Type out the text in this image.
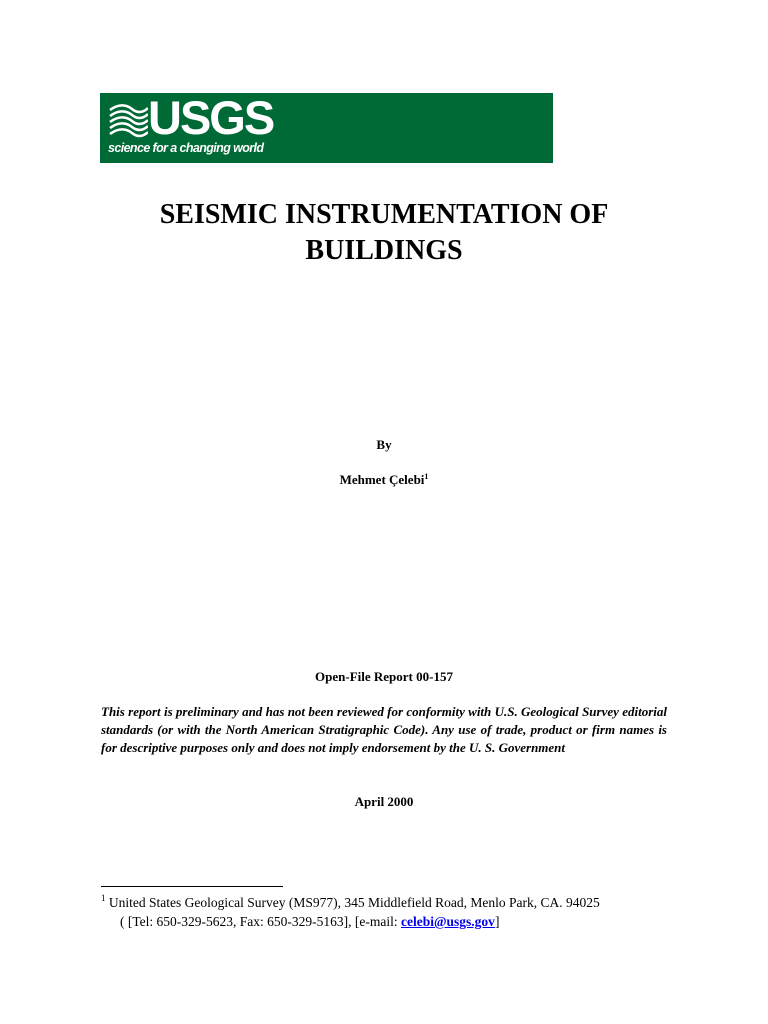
USGS
science for a changing world
SEISMIC INSTRUMENTATION OF
BUILDINGS
By
Mehmet Çelebi$^1$
Open-File Report 00-157
This report is preliminary and has not been reviewed for conformity with U.S. Geological Survey editorial standards (or with the North American Stratigraphic Code). Any use of trade, product or firm names is for descriptive purposes only and does not imply endorsement by the U. S. Government
April 2000
$^1$ United States Geological Survey (MS977), 345 Middlefield Road, Menlo Park, CA. 94025
( [Tel: 650-329-5623, Fax: 650-329-5163], [e-mail: celebi@usgs.gov]
